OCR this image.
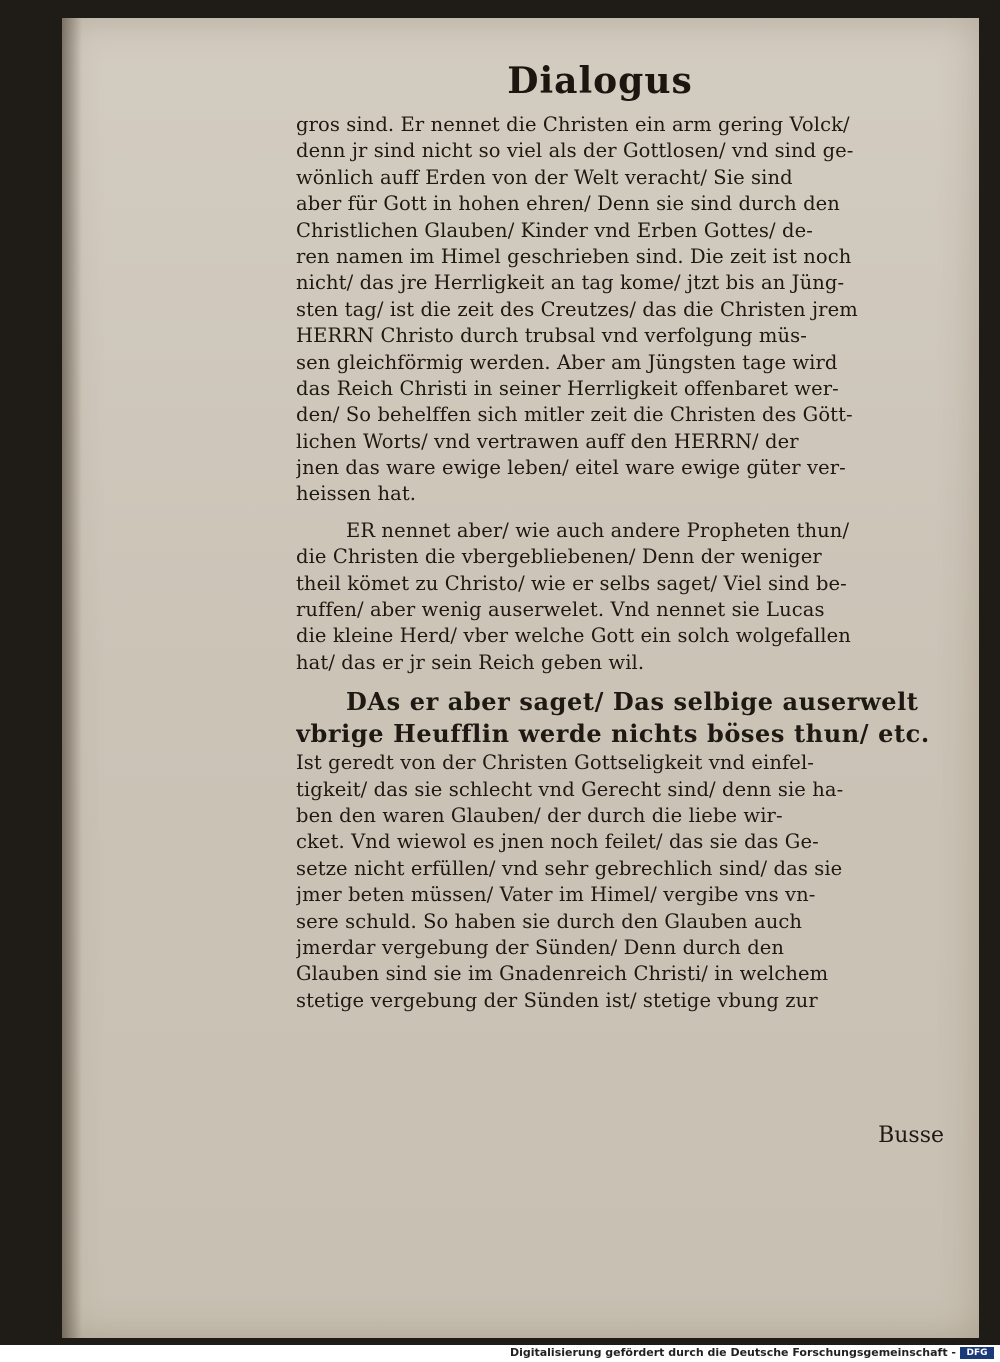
Dialogus
gros sind. Er nennet die Christen ein arm gering Volck/
denn jr sind nicht so viel als der Gottlosen/ vnd sind ge-
wönlich auff Erden von der Welt veracht/ Sie sind
aber für Gott in hohen ehren/ Denn sie sind durch den
Christlichen Glauben/ Kinder vnd Erben Gottes/ de-
ren namen im Himel geschrieben sind. Die zeit ist noch
nicht/ das jre Herrligkeit an tag kome/ jtzt bis an Jüng-
sten tag/ ist die zeit des Creutzes/ das die Christen jrem
HERRN Christo durch trubsal vnd verfolgung müs-
sen gleichförmig werden. Aber am Jüngsten tage wird
das Reich Christi in seiner Herrligkeit offenbaret wer-
den/ So behelffen sich mitler zeit die Christen des Gött-
lichen Worts/ vnd vertrawen auff den HERRN/ der
jnen das ware ewige leben/ eitel ware ewige güter ver-
heissen hat.
ER nennet aber/ wie auch andere Propheten thun/
die Christen die vbergebliebenen/ Denn der weniger
theil kömet zu Christo/ wie er selbs saget/ Viel sind be-
ruffen/ aber wenig auserwelet. Vnd nennet sie Lucas
die kleine Herd/ vber welche Gott ein solch wolgefallen
hat/ das er jr sein Reich geben wil.
DAs er aber saget/ Das selbige auserwelt
vbrige Heufflin werde nichts böses thun/ etc.
Ist geredt von der Christen Gottseligkeit vnd einfel-
tigkeit/ das sie schlecht vnd Gerecht sind/ denn sie ha-
ben den waren Glauben/ der durch die liebe wir-
cket. Vnd wiewol es jnen noch feilet/ das sie das Ge-
setze nicht erfüllen/ vnd sehr gebrechlich sind/ das sie
jmer beten müssen/ Vater im Himel/ vergibe vns vn-
sere schuld. So haben sie durch den Glauben auch
jmerdar vergebung der Sünden/ Denn durch den
Glauben sind sie im Gnadenreich Christi/ in welchem
stetige vergebung der Sünden ist/ stetige vbung zur
Busse
Digitalisierung gefördert durch die Deutsche Forschungsgemeinschaft -	DFG
